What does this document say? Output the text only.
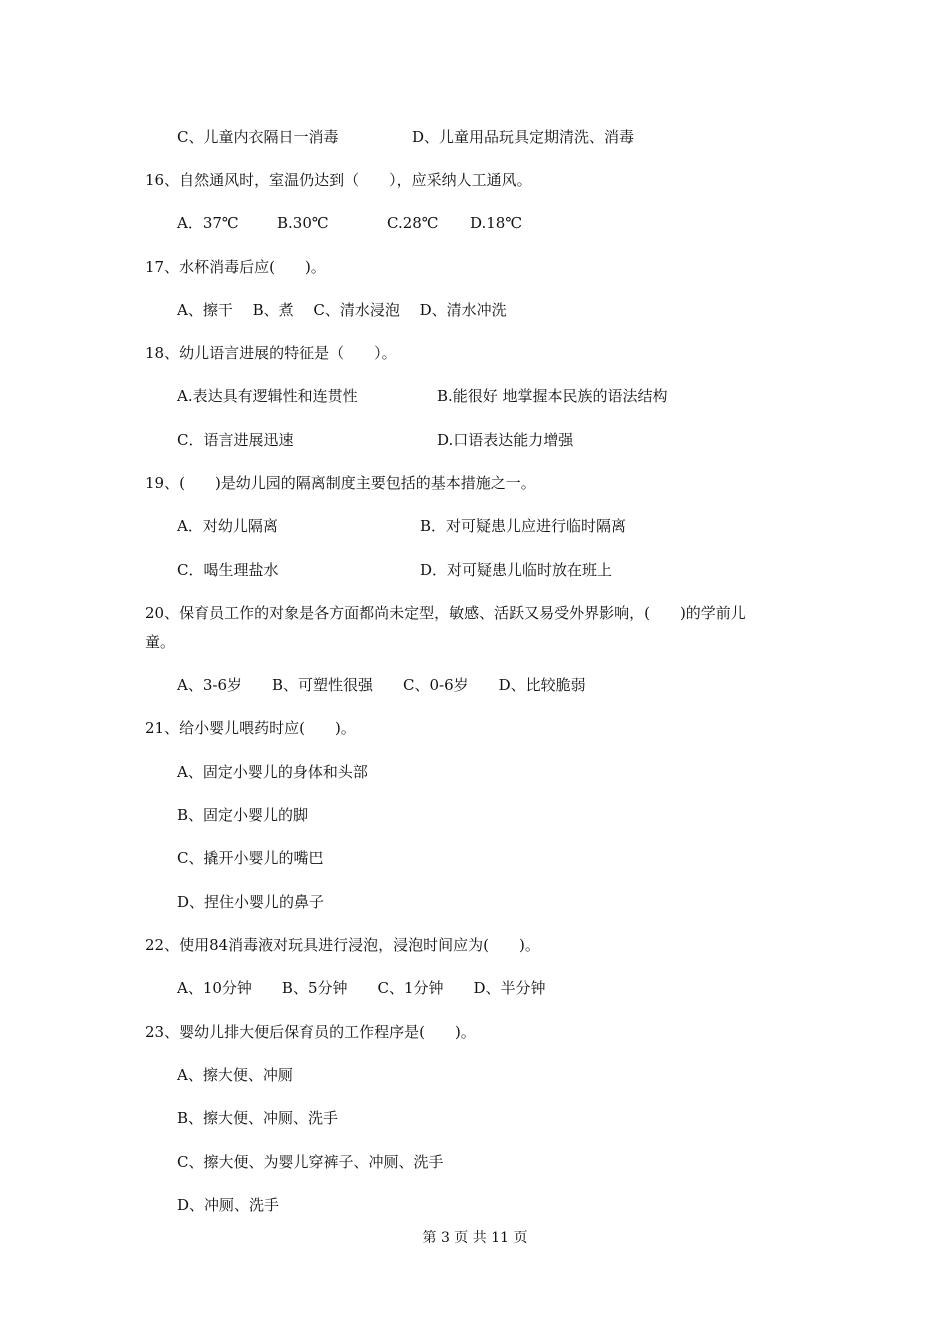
C、儿童内衣隔日一消毒	D、儿童用品玩具定期清洗、消毒
16、自然通风时，室温仍达到（　　），应采纳人工通风。
A．37℃	B.30℃	C.28℃ D.18℃
17、水杯消毒后应(　　)。
A、擦干　 B、煮　 C、清水浸泡　 D、清水冲洗
18、幼儿语言进展的特征是（　　）。
A.表达具有逻辑性和连贯性	B.能很好 地掌握本民族的语法结构
C．语言进展迅速	D.口语表达能力增强
19、(　　)是幼儿园的隔离制度主要包括的基本措施之一。
A．对幼儿隔离	B．对可疑患儿应进行临时隔离
C．喝生理盐水	D．对可疑患儿临时放在班上
20、保育员工作的对象是各方面都尚未定型，敏感、活跃又易受外界影响，(　　)的学前儿
童。
A、3-6岁　　B、可塑性很强　　C、0-6岁　　D、比较脆弱
21、给小婴儿喂药时应(　　)。
A、固定小婴儿的身体和头部
B、固定小婴儿的脚
C、撬开小婴儿的嘴巴
D、捏住小婴儿的鼻子
22、使用84消毒液对玩具进行浸泡，浸泡时间应为(　　)。
A、10分钟　　B、5分钟　　C、1分钟　　D、半分钟
23、婴幼儿排大便后保育员的工作程序是(　　)。
A、擦大便、冲厕
B、擦大便、冲厕、洗手
C、擦大便、为婴儿穿裤子、冲厕、洗手
D、冲厕、洗手
第 3 页 共 11 页
